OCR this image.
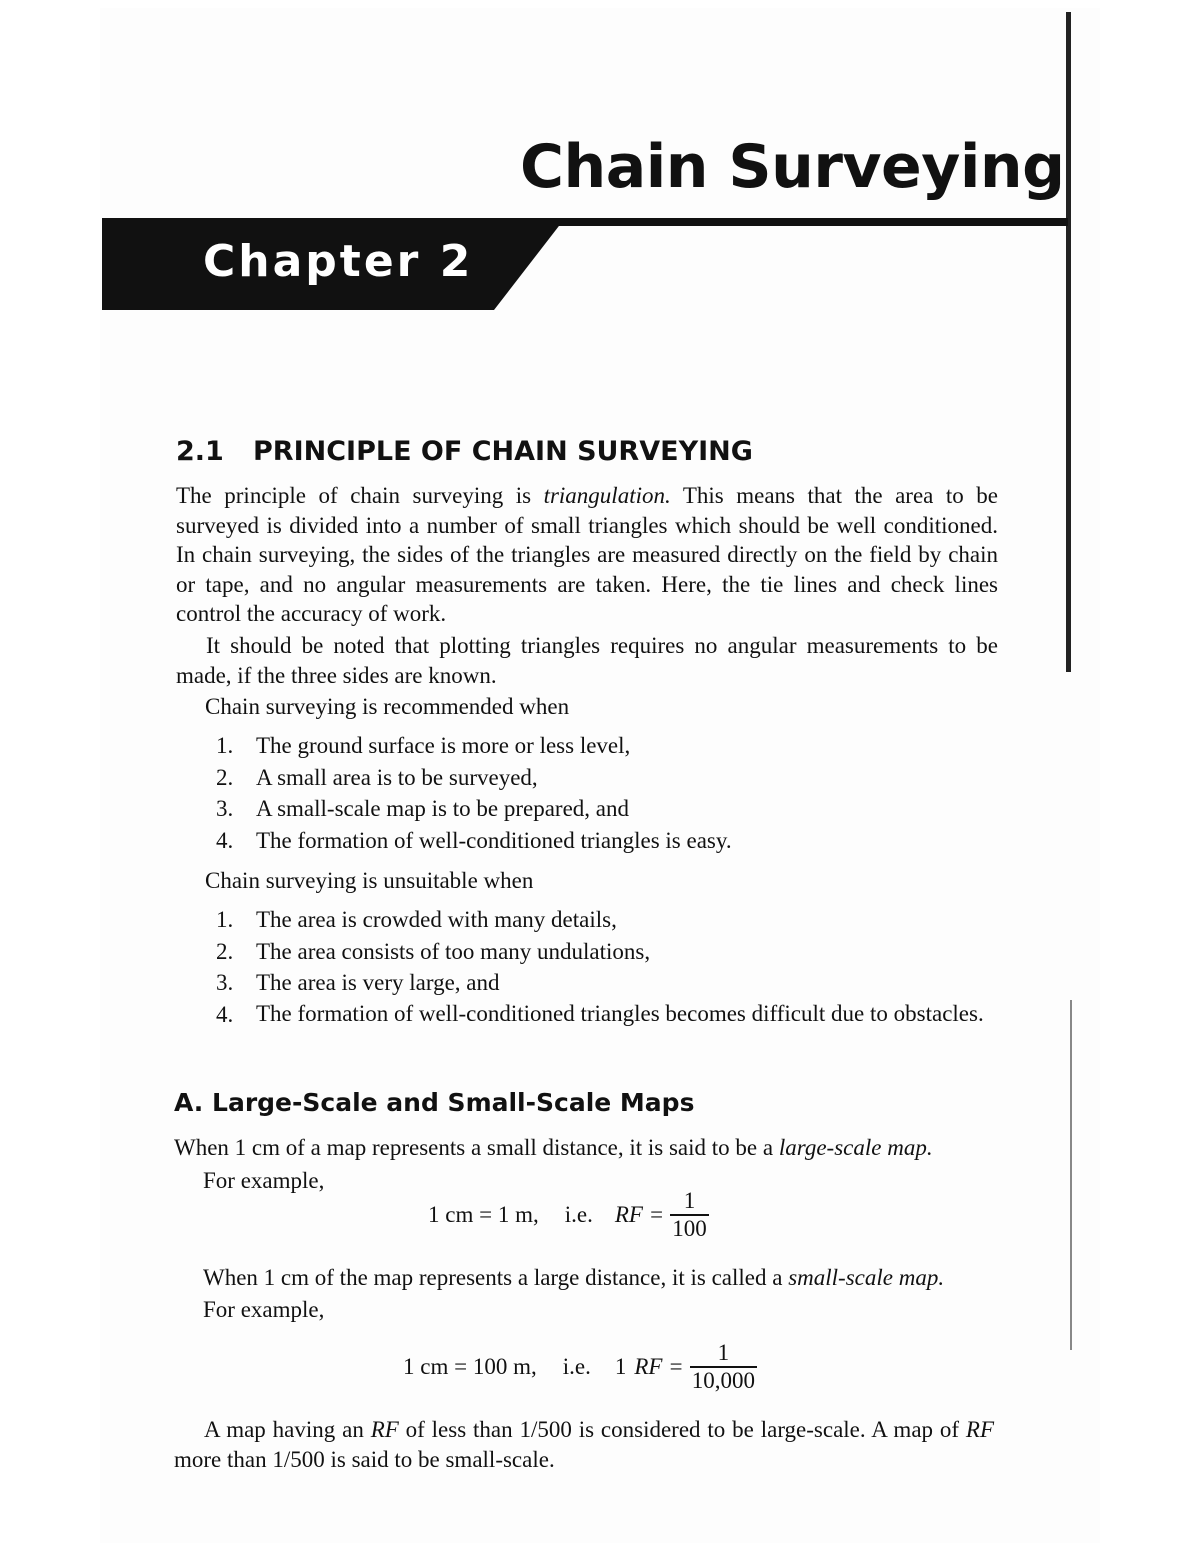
Chain Surveying
Chapter 2
2.1 PRINCIPLE OF CHAIN SURVEYING

The principle of chain surveying is triangulation. This means that the area to be surveyed is divided into a number of small triangles which should be well conditioned. In chain surveying, the sides of the triangles are measured directly on the field by chain or tape, and no angular measurements are taken. Here, the tie lines and check lines control the accuracy of work.

It should be noted that plotting triangles requires no angular measurements to be made, if the three sides are known.

Chain surveying is recommended when

1. The ground surface is more or less level,
2. A small area is to be surveyed,
3. A small-scale map is to be prepared, and
4. The formation of well-conditioned triangles is easy.

Chain surveying is unsuitable when

1. The area is crowded with many details,
2. The area consists of too many undulations,
3. The area is very large, and
4. The formation of well-conditioned triangles becomes difficult due to obstacles.
A. Large-Scale and Small-Scale Maps

When 1 cm of a map represents a small distance, it is said to be a large-scale map.

For example,

1 cm = 1 m, i.e. RF = $\frac{1}{100}$

When 1 cm of the map represents a large distance, it is called a small-scale map.

For example,

1 cm = 100 m, i.e. 1 RF = $\frac{1}{10,000}$

A map having an RF of less than 1/500 is considered to be large-scale. A map of RF more than 1/500 is said to be small-scale.
